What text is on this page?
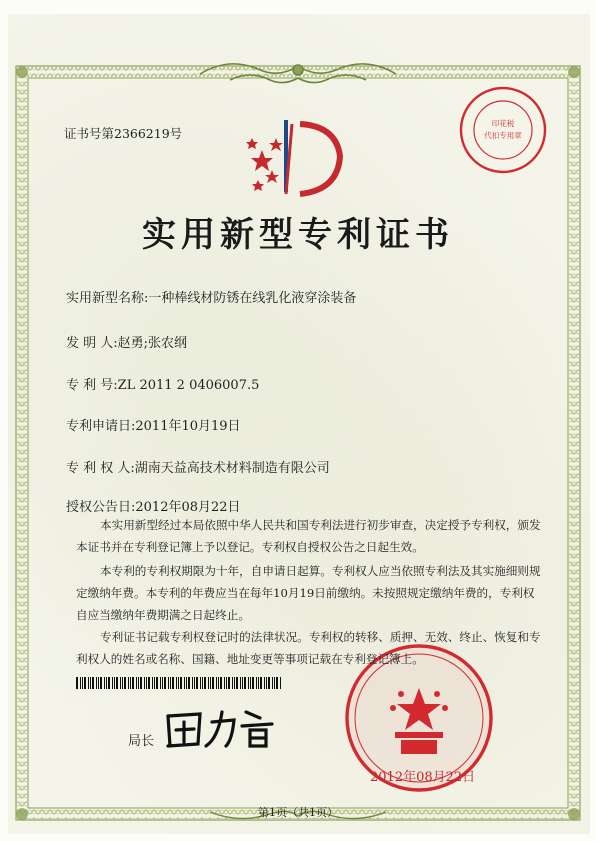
证书号第2366219号
实用新型专利证书
实用新型名称:一种棒线材防锈在线乳化液穿涂装备
发 明 人:赵勇;张农纲
专 利 号:ZL 2011 2 0406007.5
专利申请日:2011年10月19日
专 利 权 人:湖南天益高技术材料制造有限公司
授权公告日:2012年08月22日
本实用新型经过本局依照中华人民共和国专利法进行初步审查，决定授予专利权，颁发本证书并在专利登记簿上予以登记。专利权自授权公告之日起生效。
本专利的专利权期限为十年，自申请日起算。专利权人应当依照专利法及其实施细则规定缴纳年费。本专利的年费应当在每年10月19日前缴纳。未按照规定缴纳年费的，专利权自应当缴纳年费期满之日起终止。
专利证书记载专利权登记时的法律状况。专利权的转移、质押、无效、终止、恢复和专利权人的姓名或名称、国籍、地址变更等事项记载在专利登记簿上。
局长
印花税
代扣专用章
2012年08月22日
第1页（共1页）
